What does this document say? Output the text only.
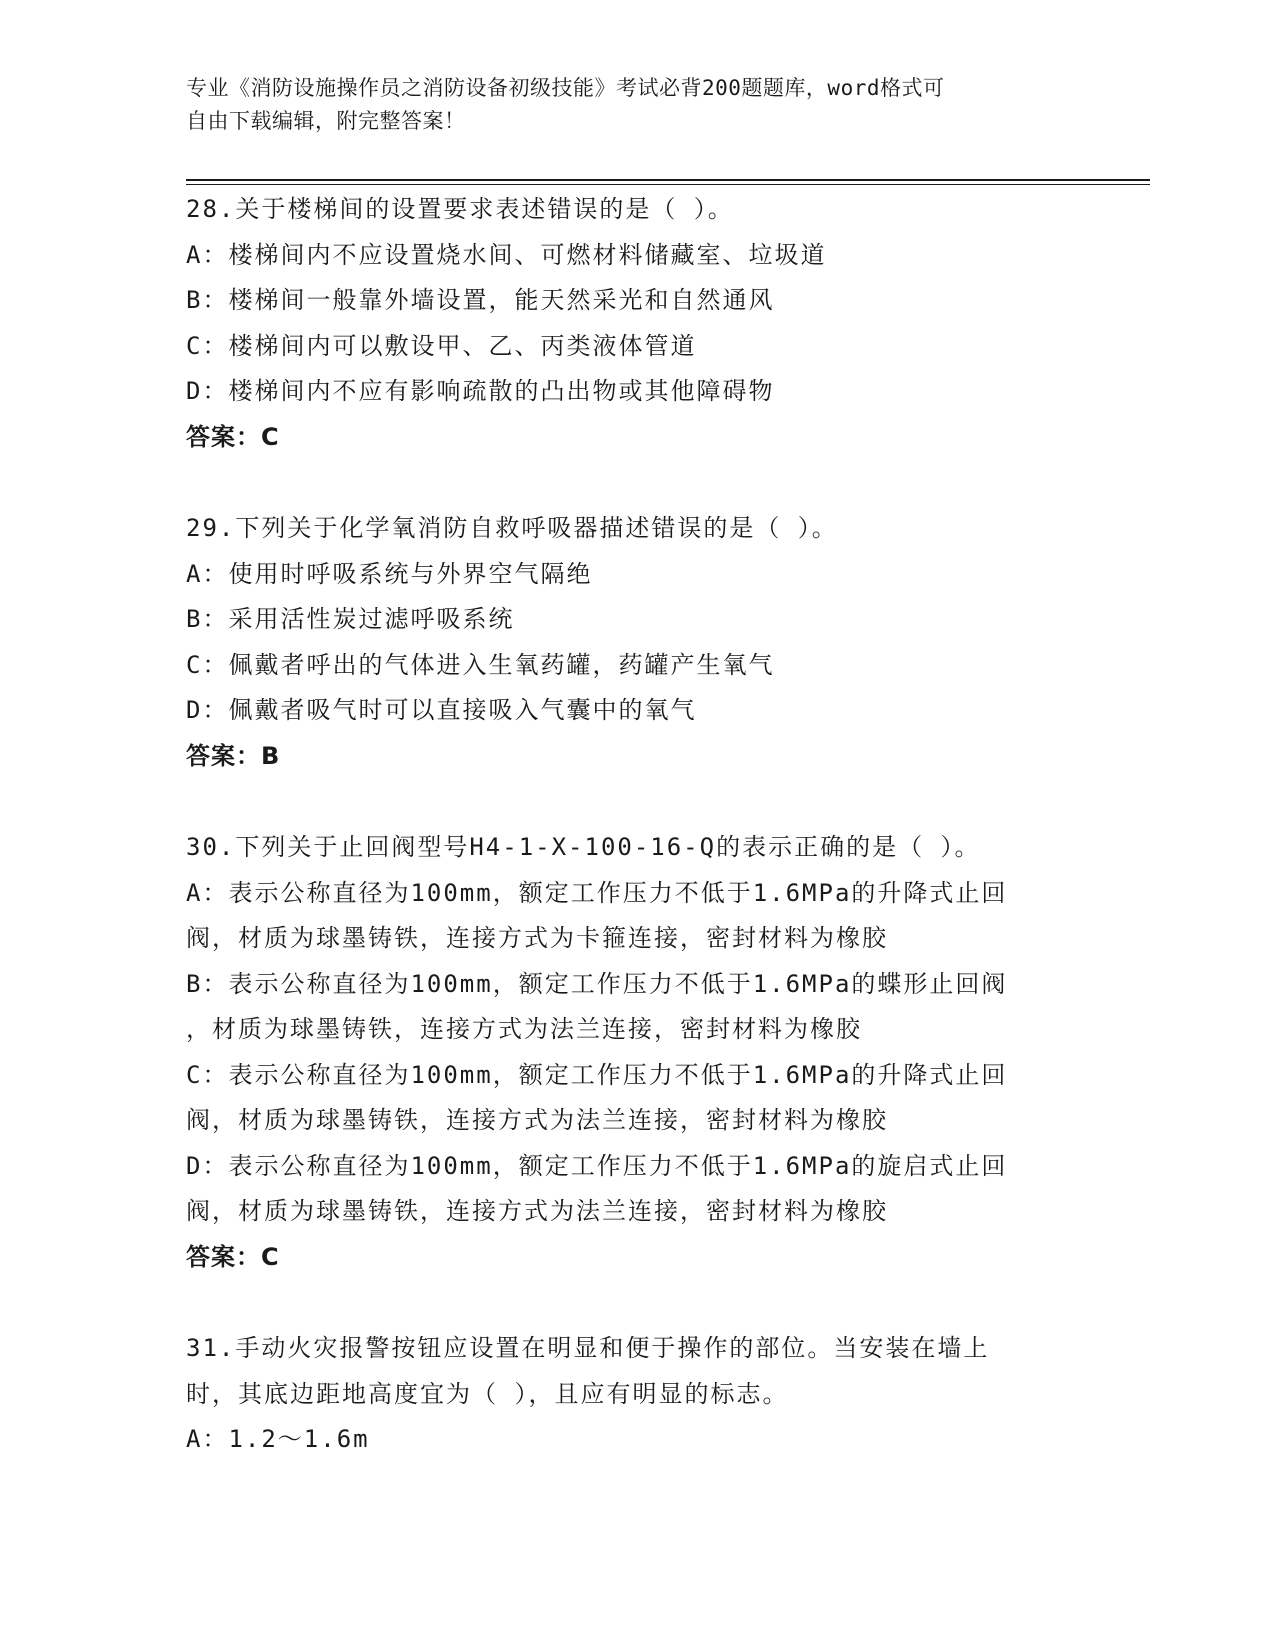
专业《消防设施操作员之消防设备初级技能》考试必背200题题库，word格式可
自由下载编辑，附完整答案！
28.关于楼梯间的设置要求表述错误的是（ ）。
A：楼梯间内不应设置烧水间、可燃材料储藏室、垃圾道
B：楼梯间一般靠外墙设置，能天然采光和自然通风
C：楼梯间内可以敷设甲、乙、丙类液体管道
D：楼梯间内不应有影响疏散的凸出物或其他障碍物
答案：C
29.下列关于化学氧消防自救呼吸器描述错误的是（ ）。
A：使用时呼吸系统与外界空气隔绝
B：采用活性炭过滤呼吸系统
C：佩戴者呼出的气体进入生氧药罐，药罐产生氧气
D：佩戴者吸气时可以直接吸入气囊中的氧气
答案：B
30.下列关于止回阀型号H4-1-X-100-16-Q的表示正确的是（ ）。
A：表示公称直径为100mm，额定工作压力不低于1.6MPa的升降式止回
阀，材质为球墨铸铁，连接方式为卡箍连接，密封材料为橡胶
B：表示公称直径为100mm，额定工作压力不低于1.6MPa的蝶形止回阀
，材质为球墨铸铁，连接方式为法兰连接，密封材料为橡胶
C：表示公称直径为100mm，额定工作压力不低于1.6MPa的升降式止回
阀，材质为球墨铸铁，连接方式为法兰连接，密封材料为橡胶
D：表示公称直径为100mm，额定工作压力不低于1.6MPa的旋启式止回
阀，材质为球墨铸铁，连接方式为法兰连接，密封材料为橡胶
答案：C
31.手动火灾报警按钮应设置在明显和便于操作的部位。当安装在墙上
时，其底边距地高度宜为（ ），且应有明显的标志。
A：1.2～1.6m
